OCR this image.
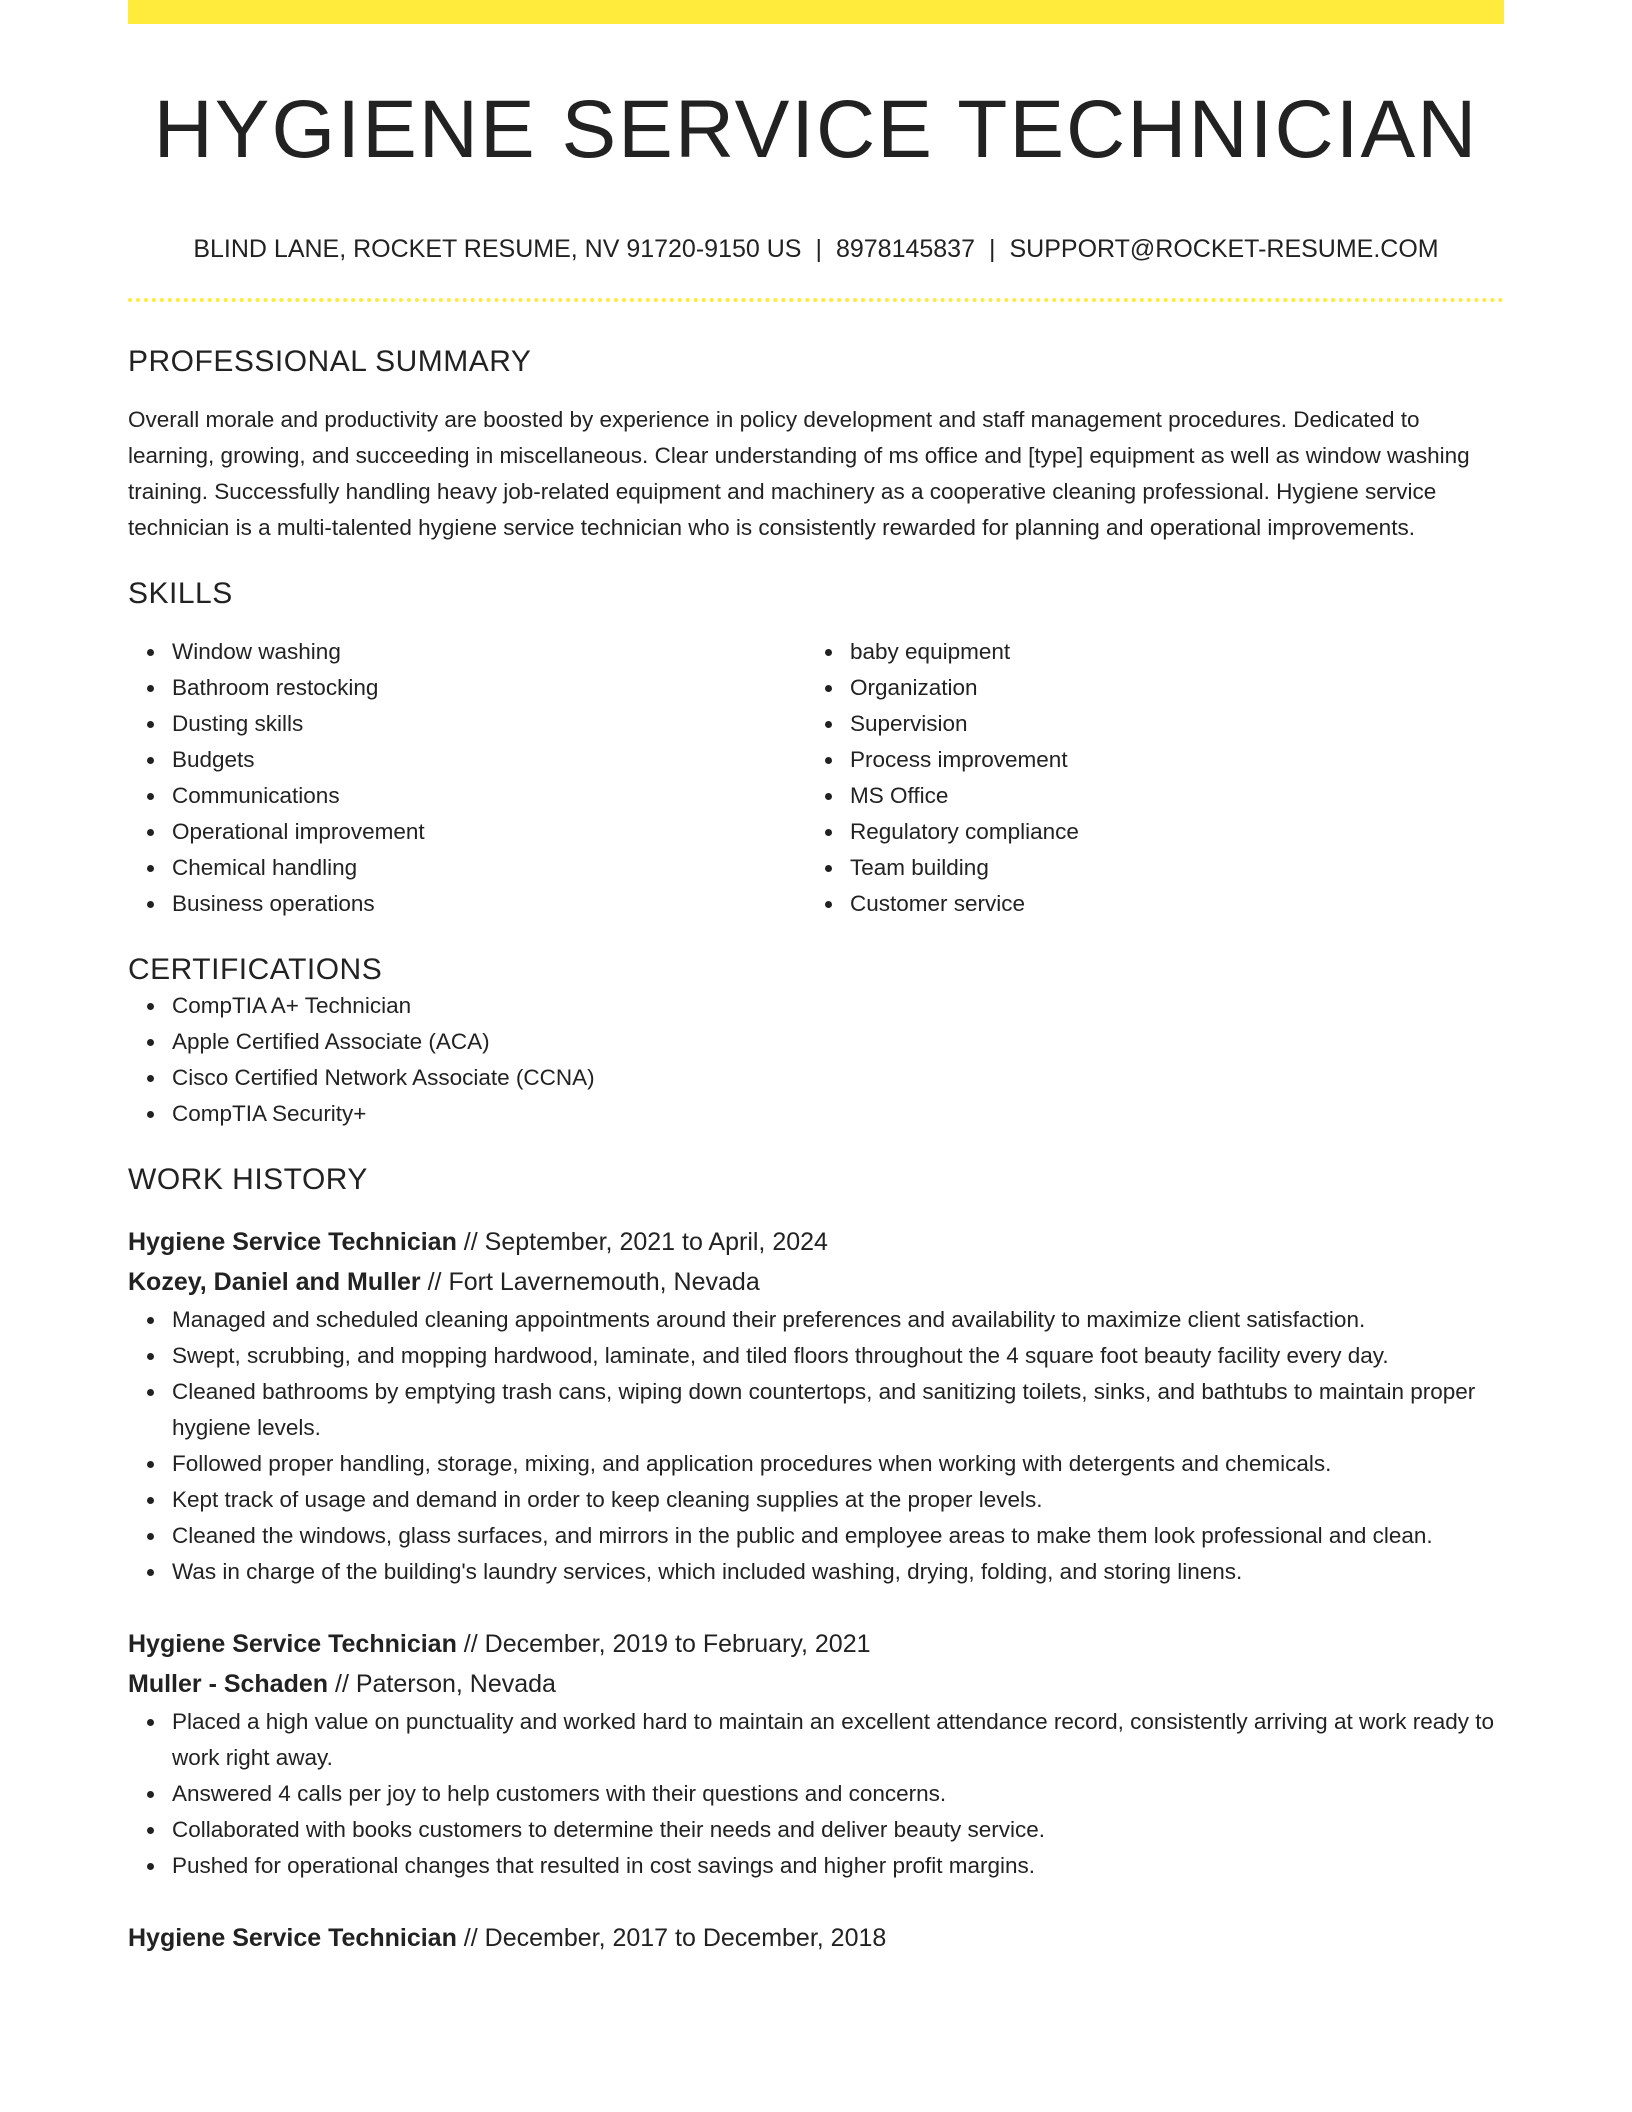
HYGIENE SERVICE TECHNICIAN
BLIND LANE, ROCKET RESUME, NV 91720-9150 US | 8978145837 | SUPPORT@ROCKET-RESUME.COM
PROFESSIONAL SUMMARY

Overall morale and productivity are boosted by experience in policy development and staff management procedures. Dedicated to learning, growing, and succeeding in miscellaneous. Clear understanding of ms office and [type] equipment as well as window washing training. Successfully handling heavy job-related equipment and machinery as a cooperative cleaning professional. Hygiene service technician is a multi-talented hygiene service technician who is consistently rewarded for planning and operational improvements.

SKILLS
Window washing
Bathroom restocking
Dusting skills
Budgets
Communications
Operational improvement
Chemical handling
Business operations
baby equipment
Organization
Supervision
Process improvement
MS Office
Regulatory compliance
Team building
Customer service
CERTIFICATIONS
CompTIA A+ Technician
Apple Certified Associate (ACA)
Cisco Certified Network Associate (CCNA)
CompTIA Security+
WORK HISTORY
Hygiene Service Technician // September, 2021 to April, 2024
Kozey, Daniel and Muller // Fort Lavernemouth, Nevada
Managed and scheduled cleaning appointments around their preferences and availability to maximize client satisfaction.
Swept, scrubbing, and mopping hardwood, laminate, and tiled floors throughout the 4 square foot beauty facility every day.
Cleaned bathrooms by emptying trash cans, wiping down countertops, and sanitizing toilets, sinks, and bathtubs to maintain proper hygiene levels.
Followed proper handling, storage, mixing, and application procedures when working with detergents and chemicals.
Kept track of usage and demand in order to keep cleaning supplies at the proper levels.
Cleaned the windows, glass surfaces, and mirrors in the public and employee areas to make them look professional and clean.
Was in charge of the building's laundry services, which included washing, drying, folding, and storing linens.
Hygiene Service Technician // December, 2019 to February, 2021
Muller - Schaden // Paterson, Nevada
Placed a high value on punctuality and worked hard to maintain an excellent attendance record, consistently arriving at work ready to work right away.
Answered 4 calls per joy to help customers with their questions and concerns.
Collaborated with books customers to determine their needs and deliver beauty service.
Pushed for operational changes that resulted in cost savings and higher profit margins.
Hygiene Service Technician // December, 2017 to December, 2018
